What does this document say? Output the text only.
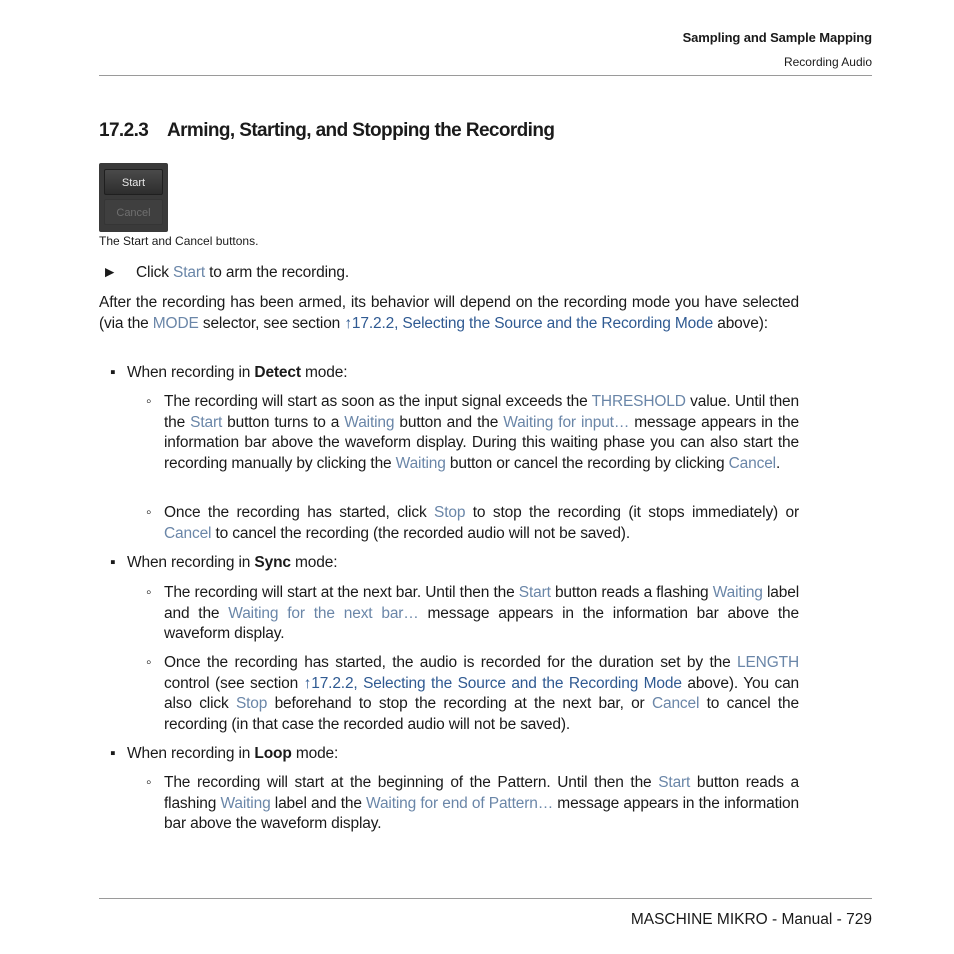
Sampling and Sample Mapping
Recording Audio
17.2.3 Arming, Starting, and Stopping the Recording
Start
Cancel
The Start and Cancel buttons.
► Click Start to arm the recording.
After the recording has been armed, its behavior will depend on the recording mode you have selected (via the MODE selector, see section ↑17.2.2, Selecting the Source and the Recording Mode above):
▪ When recording in Detect mode:
◦ The recording will start as soon as the input signal exceeds the THRESHOLD value. Until then the Start button turns to a Waiting button and the Waiting for input… message appears in the information bar above the waveform display. During this waiting phase you can also start the recording manually by clicking the Waiting button or cancel the recording by clicking Cancel.
◦ Once the recording has started, click Stop to stop the recording (it stops immediately) or Cancel to cancel the recording (the recorded audio will not be saved).
▪ When recording in Sync mode:
◦ The recording will start at the next bar. Until then the Start button reads a flashing Waiting label and the Waiting for the next bar… message appears in the information bar above the waveform display.
◦ Once the recording has started, the audio is recorded for the duration set by the LENGTH control (see section ↑17.2.2, Selecting the Source and the Recording Mode above). You can also click Stop beforehand to stop the recording at the next bar, or Cancel to cancel the recording (in that case the recorded audio will not be saved).
▪ When recording in Loop mode:
◦ The recording will start at the beginning of the Pattern. Until then the Start button reads a flashing Waiting label and the Waiting for end of Pattern… message appears in the information bar above the waveform display.
MASCHINE MIKRO - Manual - 729
